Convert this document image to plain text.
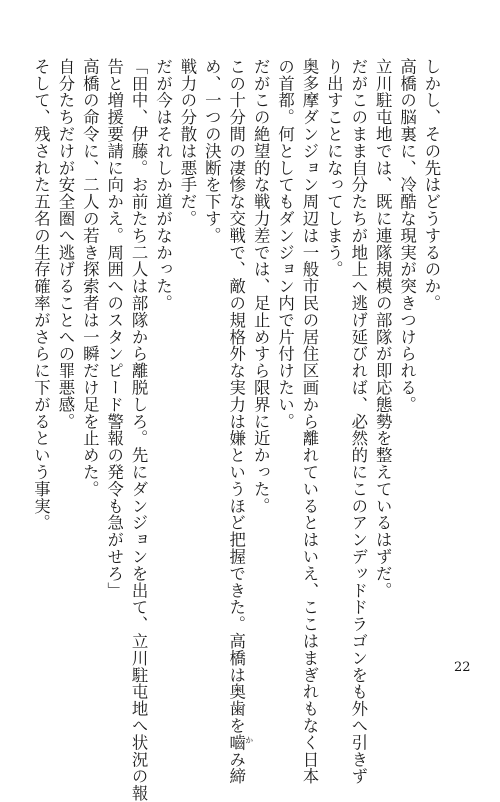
しかし、その先はどうするのか。
高橋の脳裏に、冷酷な現実が突きつけられる。
立川駐屯地では、既に連隊規模の部隊が即応態勢を整えているはずだ。
だがこのまま自分たちが地上へ逃げ延びれば、必然的にこのアンデッドドラゴンをも外へ引きず
り出すことになってしまう。
奥多摩ダンジョン周辺は一般市民の居住区画から離れているとはいえ、ここはまぎれもなく日本
の首都。何としてもダンジョン内で片付けたい。
だがこの絶望的な戦力差では、足止めすら限界に近かった。
この十分間の凄惨な交戦で、敵の規格外な実力は嫌というほど把握できた。高橋は奥歯を嚙 か
み締
め、一つの決断を下す。
戦力の分散は悪手だ。
だが今はそれしか道がなかった。
「田中、伊藤。お前たち二人は部隊から離脱しろ。先にダンジョンを出て、立川駐屯地へ状況の報
告と増援要請に向かえ。周囲へのスタンピード警報の発令も急がせろ」
高橋の命令に、二人の若き探索者は一瞬だけ足を止めた。
自分たちだけが安全圏へ逃げることへの罪悪感。
そして、残された五名の生存確率がさらに下がるという事実。
22
